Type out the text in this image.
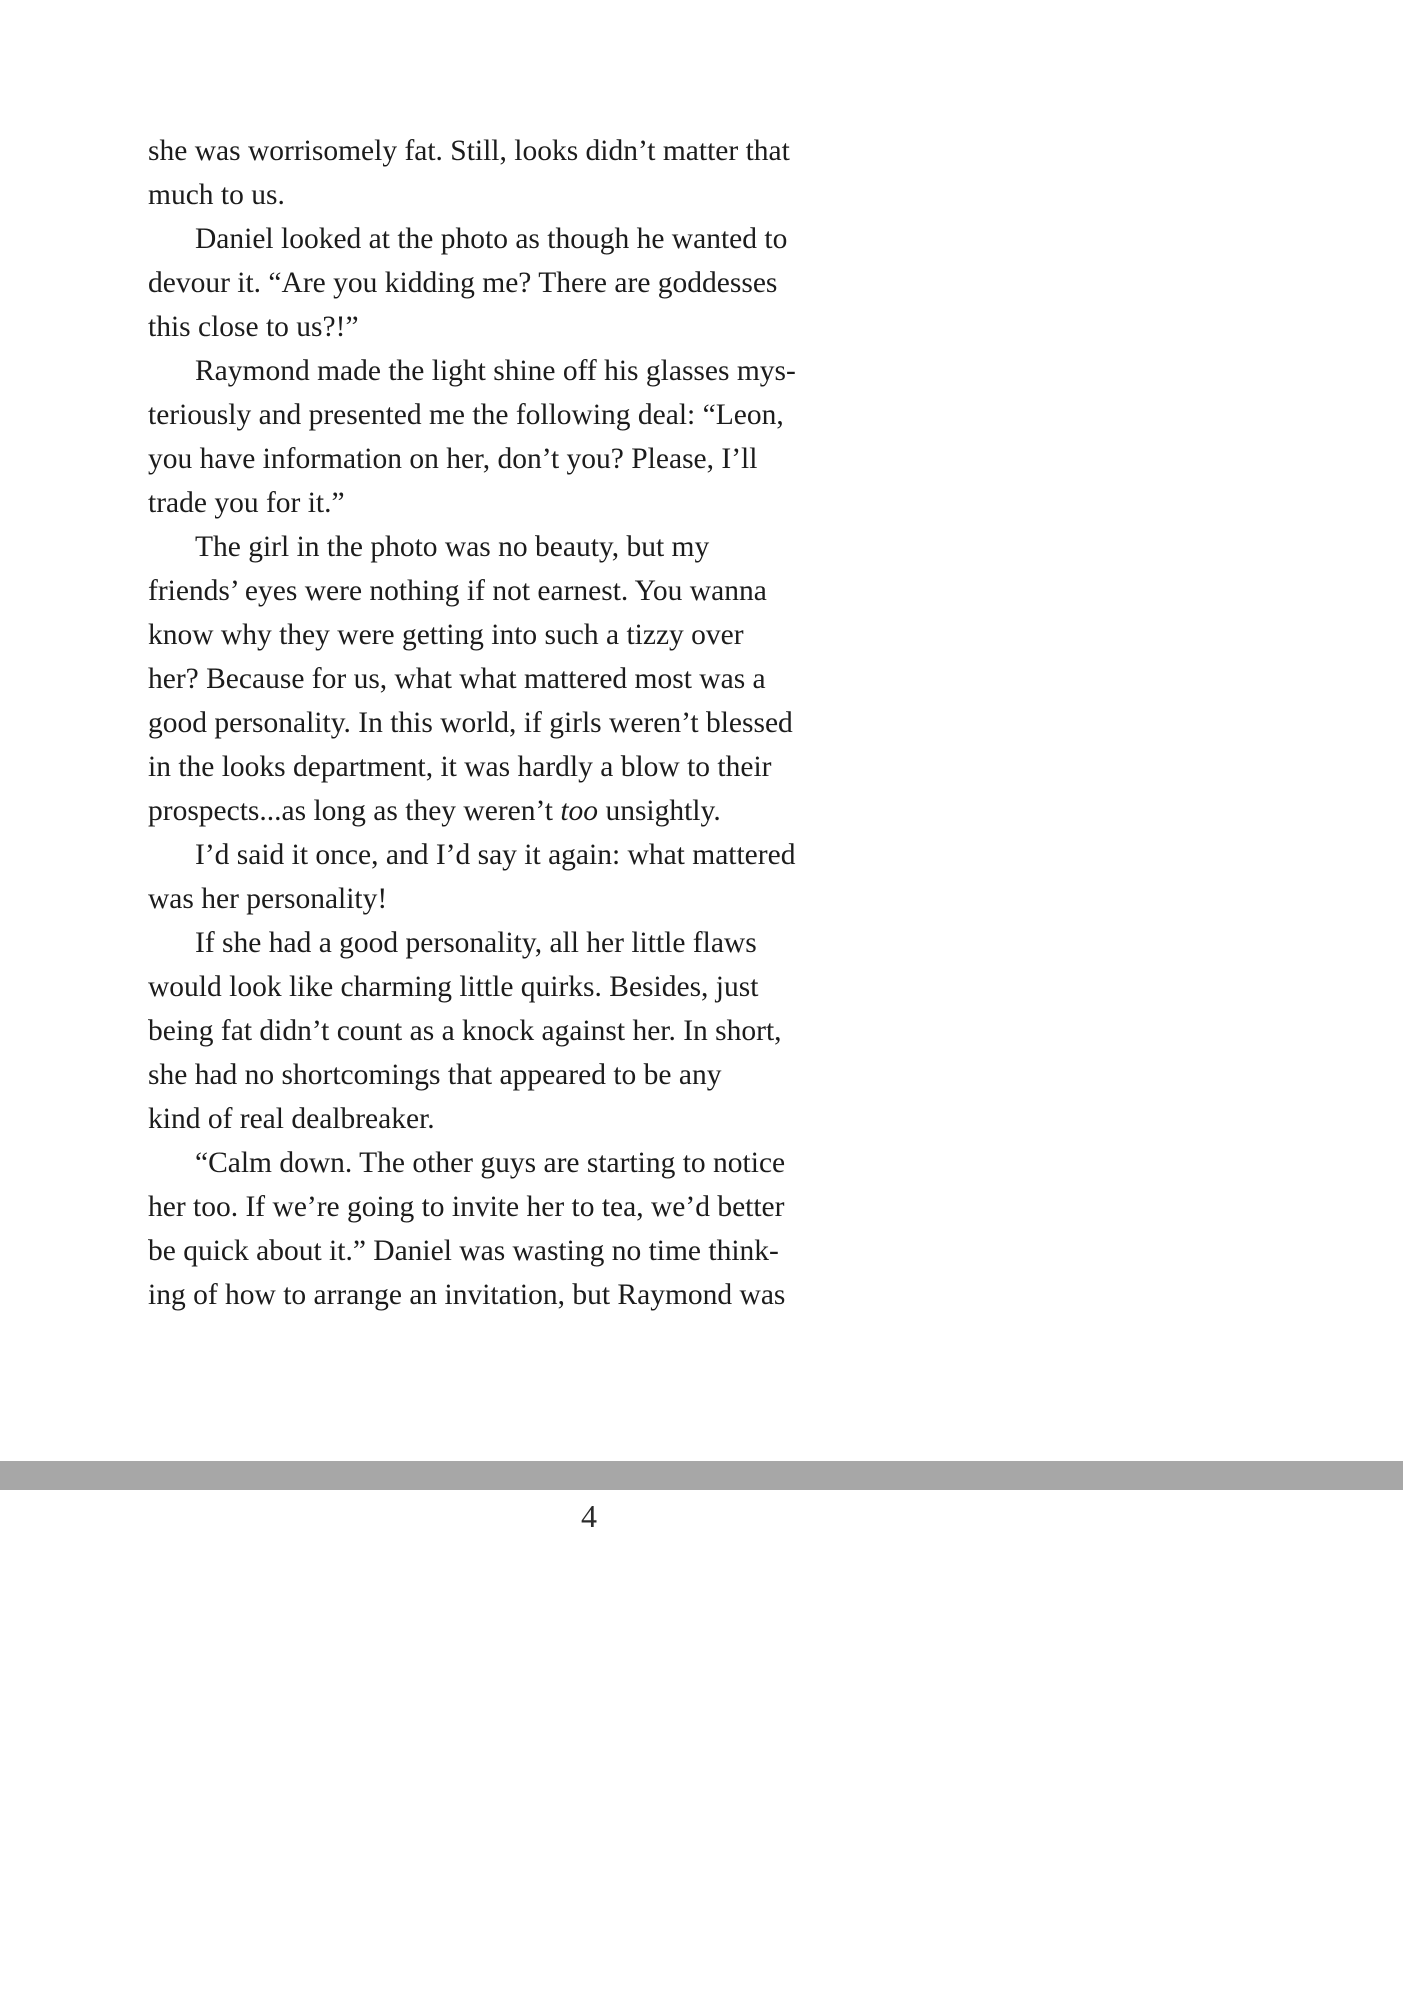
she was worrisomely fat. Still, looks didn’t matter that
much to us.

Daniel looked at the photo as though he wanted to
devour it. “Are you kidding me? There are goddesses
this close to us?!”

Raymond made the light shine off his glasses mys-
teriously and presented me the following deal: “Leon,
you have information on her, don’t you? Please, I’ll
trade you for it.”

The girl in the photo was no beauty, but my
friends’ eyes were nothing if not earnest. You wanna
know why they were getting into such a tizzy over
her? Because for us, what what mattered most was a
good personality. In this world, if girls weren’t blessed
in the looks department, it was hardly a blow to their
prospects...as long as they weren’t too unsightly.

I’d said it once, and I’d say it again: what mattered
was her personality!

If she had a good personality, all her little flaws
would look like charming little quirks. Besides, just
being fat didn’t count as a knock against her. In short,
she had no shortcomings that appeared to be any
kind of real dealbreaker.

“Calm down. The other guys are starting to notice
her too. If we’re going to invite her to tea, we’d better
be quick about it.” Daniel was wasting no time think-
ing of how to arrange an invitation, but Raymond was

4
